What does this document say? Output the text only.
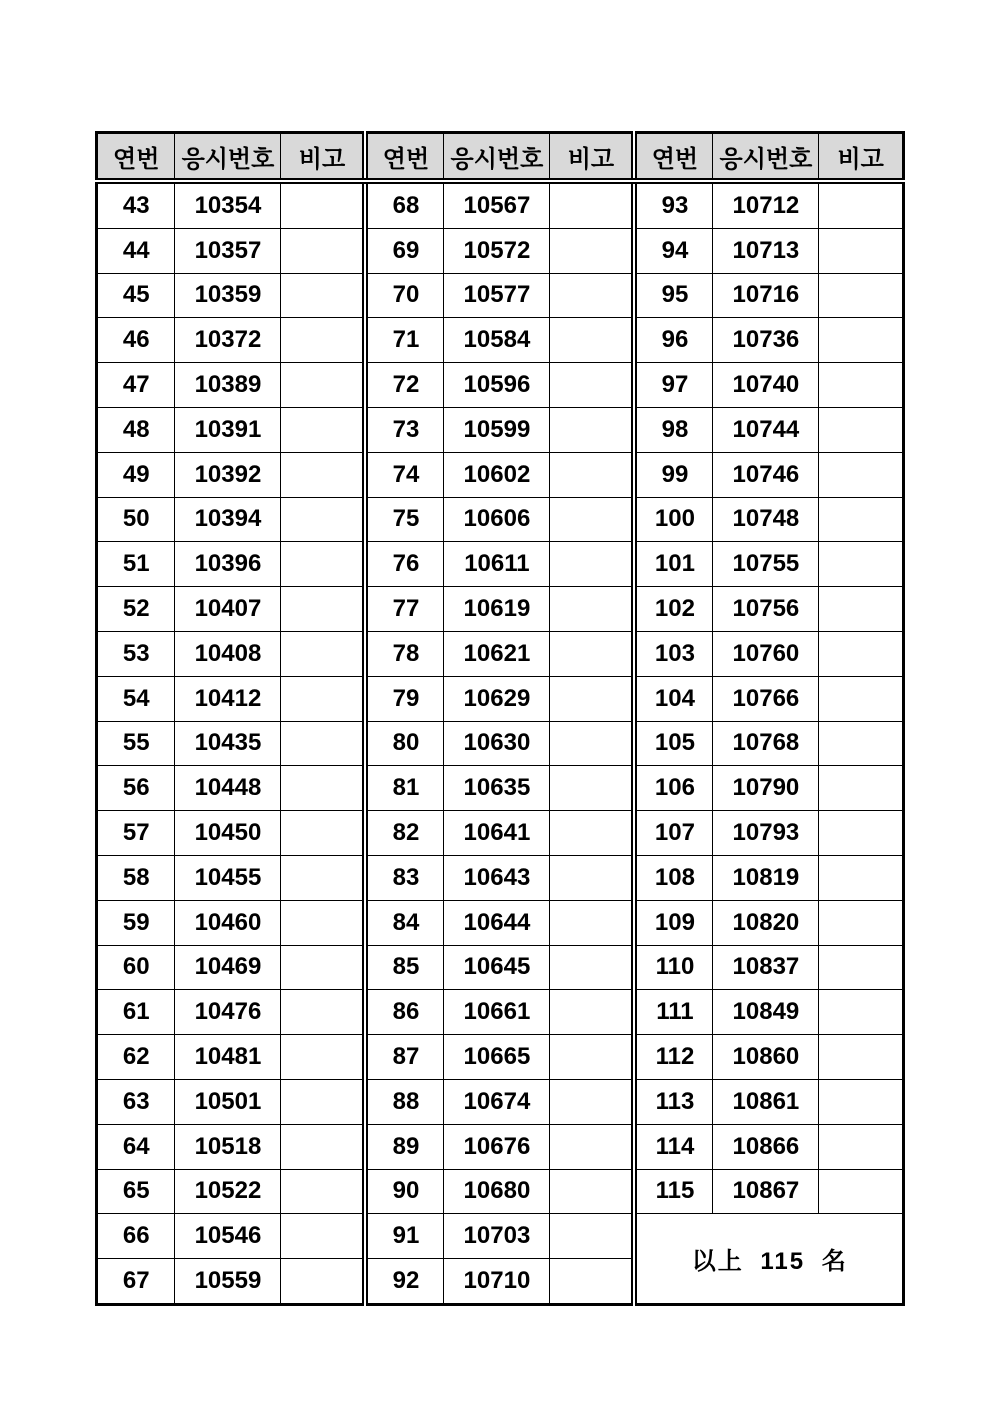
연번	응시번호	비고	연번	응시번호	비고	연번	응시번호	비고
43	10354		68	10567		93	10712	
44	10357		69	10572		94	10713	
45	10359		70	10577		95	10716	
46	10372		71	10584		96	10736	
47	10389		72	10596		97	10740	
48	10391		73	10599		98	10744	
49	10392		74	10602		99	10746	
50	10394		75	10606		100	10748	
51	10396		76	10611		101	10755	
52	10407		77	10619		102	10756	
53	10408		78	10621		103	10760	
54	10412		79	10629		104	10766	
55	10435		80	10630		105	10768	
56	10448		81	10635		106	10790	
57	10450		82	10641		107	10793	
58	10455		83	10643		108	10819	
59	10460		84	10644		109	10820	
60	10469		85	10645		110	10837	
61	10476		86	10661		111	10849	
62	10481		87	10665		112	10860	
63	10501		88	10674		113	10861	
64	10518		89	10676		114	10866	
65	10522		90	10680		115	10867	
66	10546		91	10703		以上 115 名		
67	10559		92	10710				
